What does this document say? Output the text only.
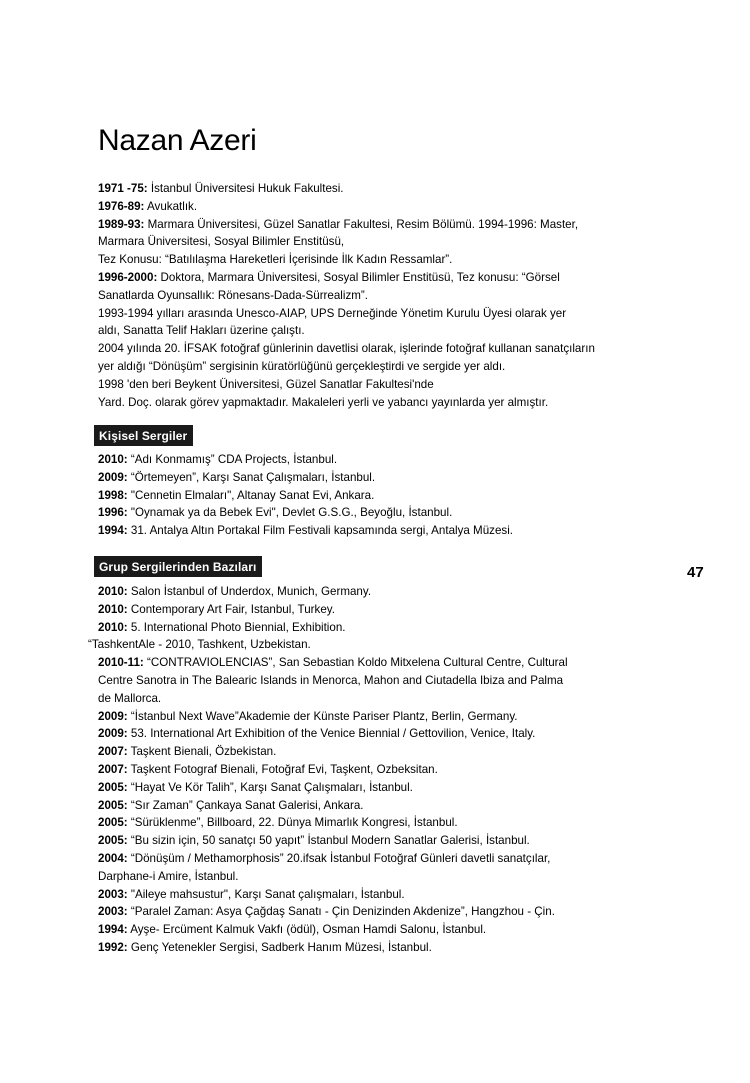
Nazan Azeri
1971 -75: İstanbul Üniversitesi Hukuk Fakultesi.
1976-89: Avukatlık.
1989-93: Marmara Üniversitesi, Güzel Sanatlar Fakultesi, Resim Bölümü. 1994-1996: Master,
Marmara Üniversitesi, Sosyal Bilimler Enstitüsü,
Tez Konusu: “Batılılaşma Hareketleri İçerisinde İlk Kadın Ressamlar”.
1996-2000: Doktora, Marmara Üniversitesi, Sosyal Bilimler Enstitüsü, Tez konusu: “Görsel
Sanatlarda Oyunsallık: Rönesans-Dada-Sürrealizm”.
1993-1994 yılları arasında Unesco-AIAP, UPS Derneğinde Yönetim Kurulu Üyesi olarak yer
aldı, Sanatta Telif Hakları üzerine çalıştı.
2004 yılında 20. İFSAK fotoğraf günlerinin davetlisi olarak, işlerinde fotoğraf kullanan sanatçıların
yer aldığı “Dönüşüm” sergisinin küratörlüğünü gerçekleştirdi ve sergide yer aldı.
1998 'den beri Beykent Üniversitesi, Güzel Sanatlar Fakultesi'nde
Yard. Doç. olarak görev yapmaktadır. Makaleleri yerli ve yabancı yayınlarda yer almıştır.
Kişisel Sergiler
2010: “Adı Konmamış” CDA Projects, İstanbul.
2009: “Örtemeyen”, Karşı Sanat Çalışmaları, İstanbul.
1998: "Cennetin Elmaları", Altanay Sanat Evi, Ankara.
1996: "Oynamak ya da Bebek Evi", Devlet G.S.G., Beyoğlu, İstanbul.
1994: 31. Antalya Altın Portakal Film Festivali kapsamında sergi, Antalya Müzesi.
Grup Sergilerinden Bazıları
2010: Salon İstanbul of Underdox, Munich, Germany.
2010: Contemporary Art Fair, Istanbul, Turkey.
2010: 5. International Photo Biennial, Exhibition.
“TashkentAle - 2010, Tashkent, Uzbekistan.
2010-11: “CONTRAVIOLENCIAS”, San Sebastian Koldo Mitxelena Cultural Centre, Cultural
Centre Sanotra in The Balearic Islands in Menorca, Mahon and Ciutadella Ibiza and Palma
de Mallorca.
2009: “İstanbul Next Wave”Akademie der Künste Pariser Plantz, Berlin, Germany.
2009: 53. International Art Exhibition of the Venice Biennial / Gettovilion, Venice, Italy.
2007: Taşkent Bienali, Özbekistan.
2007: Taşkent Fotograf Bienali, Fotoğraf Evi, Taşkent, Ozbeksitan.
2005: “Hayat Ve Kör Talih”, Karşı Sanat Çalışmaları, İstanbul.
2005: “Sır Zaman” Çankaya Sanat Galerisi, Ankara.
2005: “Sürüklenme”, Billboard, 22. Dünya Mimarlık Kongresi, İstanbul.
2005: “Bu sizin için, 50 sanatçı 50 yapıt” İstanbul Modern Sanatlar Galerisi, İstanbul.
2004: “Dönüşüm / Methamorphosis” 20.ifsak İstanbul Fotoğraf Günleri davetli sanatçılar,
Darphane-i Amire, İstanbul.
2003: "Aileye mahsustur", Karşı Sanat çalışmaları, İstanbul.
2003: “Paralel Zaman: Asya Çağdaş Sanatı - Çin Denizinden Akdenize”, Hangzhou - Çin.
1994: Ayşe- Ercüment Kalmuk Vakfı (ödül), Osman Hamdi Salonu, İstanbul.
1992: Genç Yetenekler Sergisi, Sadberk Hanım Müzesi, İstanbul.
47
